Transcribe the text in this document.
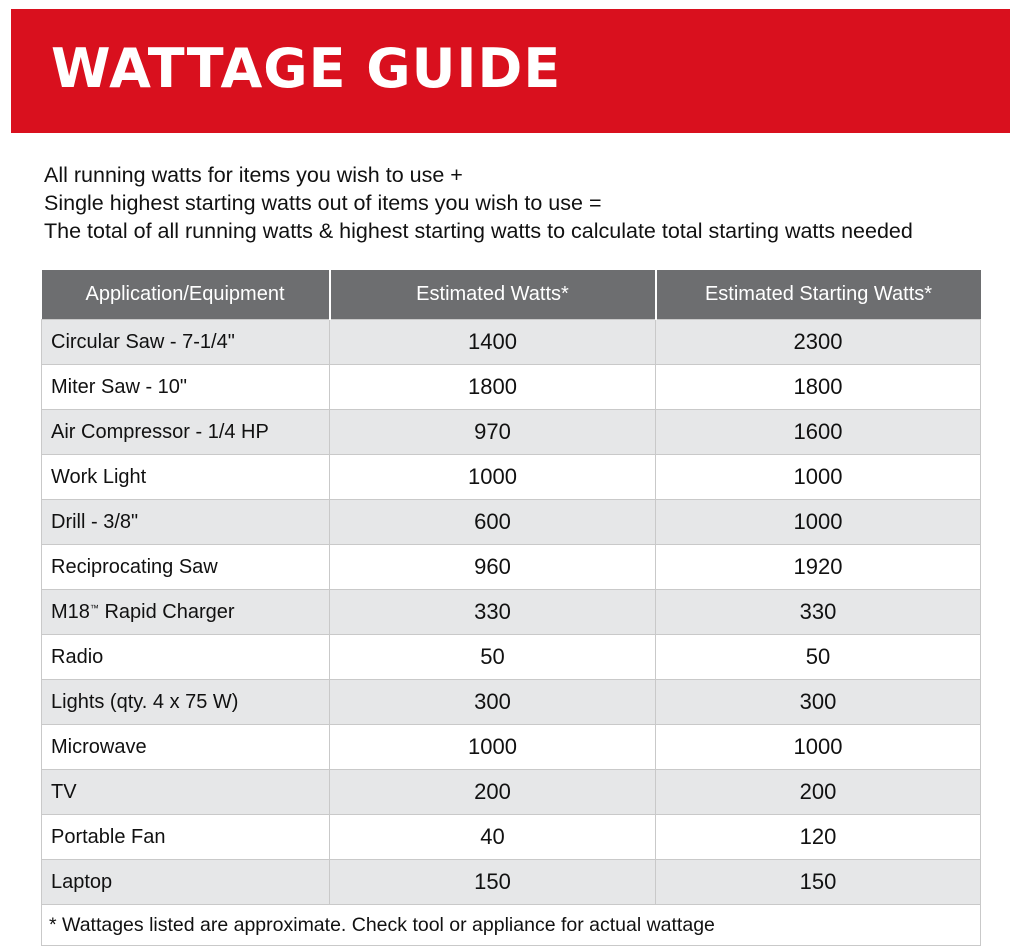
WATTAGE GUIDE
All running watts for items you wish to use +
Single highest starting watts out of items you wish to use =
The total of all running watts & highest starting watts to calculate total starting watts needed
Application/Equipment	Estimated Watts*	Estimated Starting Watts*
Circular Saw - 7-1/4"	1400	2300
Miter Saw - 10"	1800	1800
Air Compressor - 1/4 HP	970	1600
Work Light	1000	1000
Drill - 3/8"	600	1000
Reciprocating Saw	960	1920
M18™ Rapid Charger	330	330
Radio	50	50
Lights (qty. 4 x 75 W)	300	300
Microwave	1000	1000
TV	200	200
Portable Fan	40	120
Laptop	150	150
* Wattages listed are approximate. Check tool or appliance for actual wattage		
